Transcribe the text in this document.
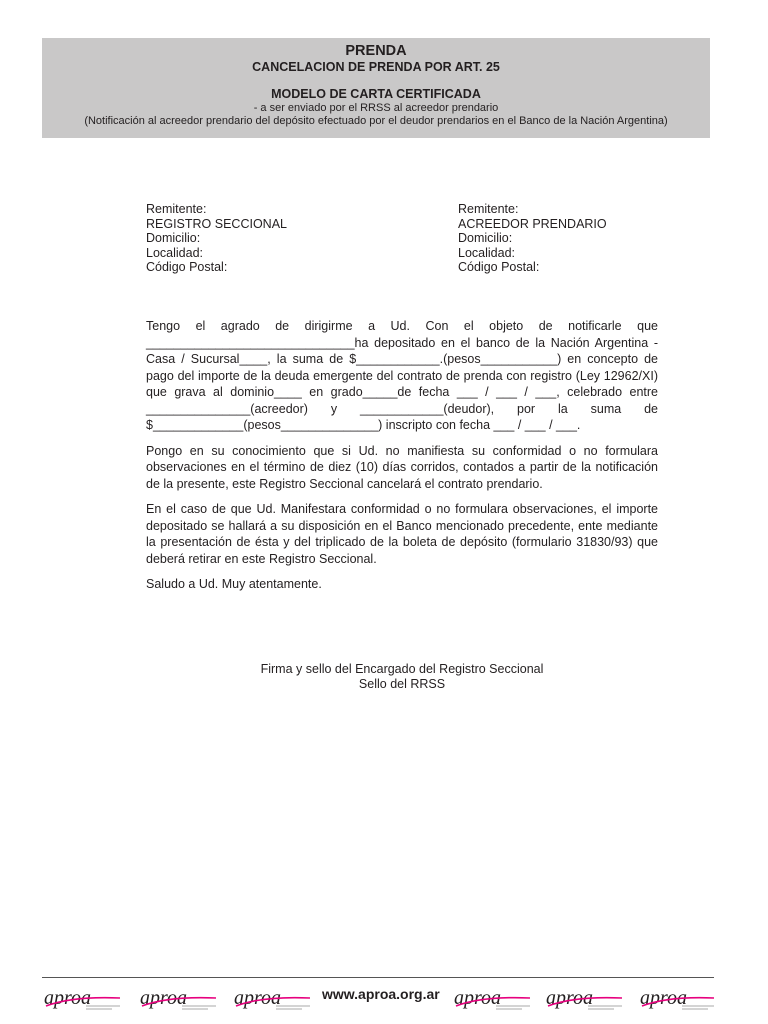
PRENDA
CANCELACION DE PRENDA POR ART. 25
MODELO DE CARTA CERTIFICADA
- a ser enviado por el RRSS al acreedor prendario
(Notificación al acreedor prendario del depósito efectuado por el deudor prendarios en el Banco de la Nación Argentina)
Remitente:
REGISTRO SECCIONAL
Domicilio:
Localidad:
Código Postal:
Remitente:
ACREEDOR PRENDARIO
Domicilio:
Localidad:
Código Postal:
Tengo el agrado de dirigirme a Ud. Con el objeto de notificarle que
______________________________ha depositado en el banco de la Nación Argentina -
Casa / Sucursal____, la suma de $____________.(pesos___________) en concepto de
pago del importe de la deuda emergente del contrato de prenda con registro (Ley 12962/XI)
que grava al dominio____ en grado_____de fecha ___ / ___ / ___, celebrado entre
_______________(acreedor) y ____________(deudor), por la suma de
$_____________(pesos______________) inscripto con fecha ___ / ___ / ___.

Pongo en su conocimiento que si Ud. no manifiesta su conformidad o no formulara observaciones en el término de diez (10) días corridos, contados a partir de la notificación de la presente, este Registro Seccional cancelará el contrato prendario.

En el caso de que Ud. Manifestara conformidad o no formulara observaciones, el importe depositado se hallará a su disposición en el Banco mencionado precedente, ente mediante la presentación de ésta y del triplicado de la boleta de depósito (formulario 31830/93) que deberá retirar en este Registro Seccional.

Saludo a Ud. Muy atentamente.

Firma y sello del Encargado del Registro Seccional
Sello del RRSS
aproa aproa aproa	www.aproa.org.ar aproa aproa aproa
